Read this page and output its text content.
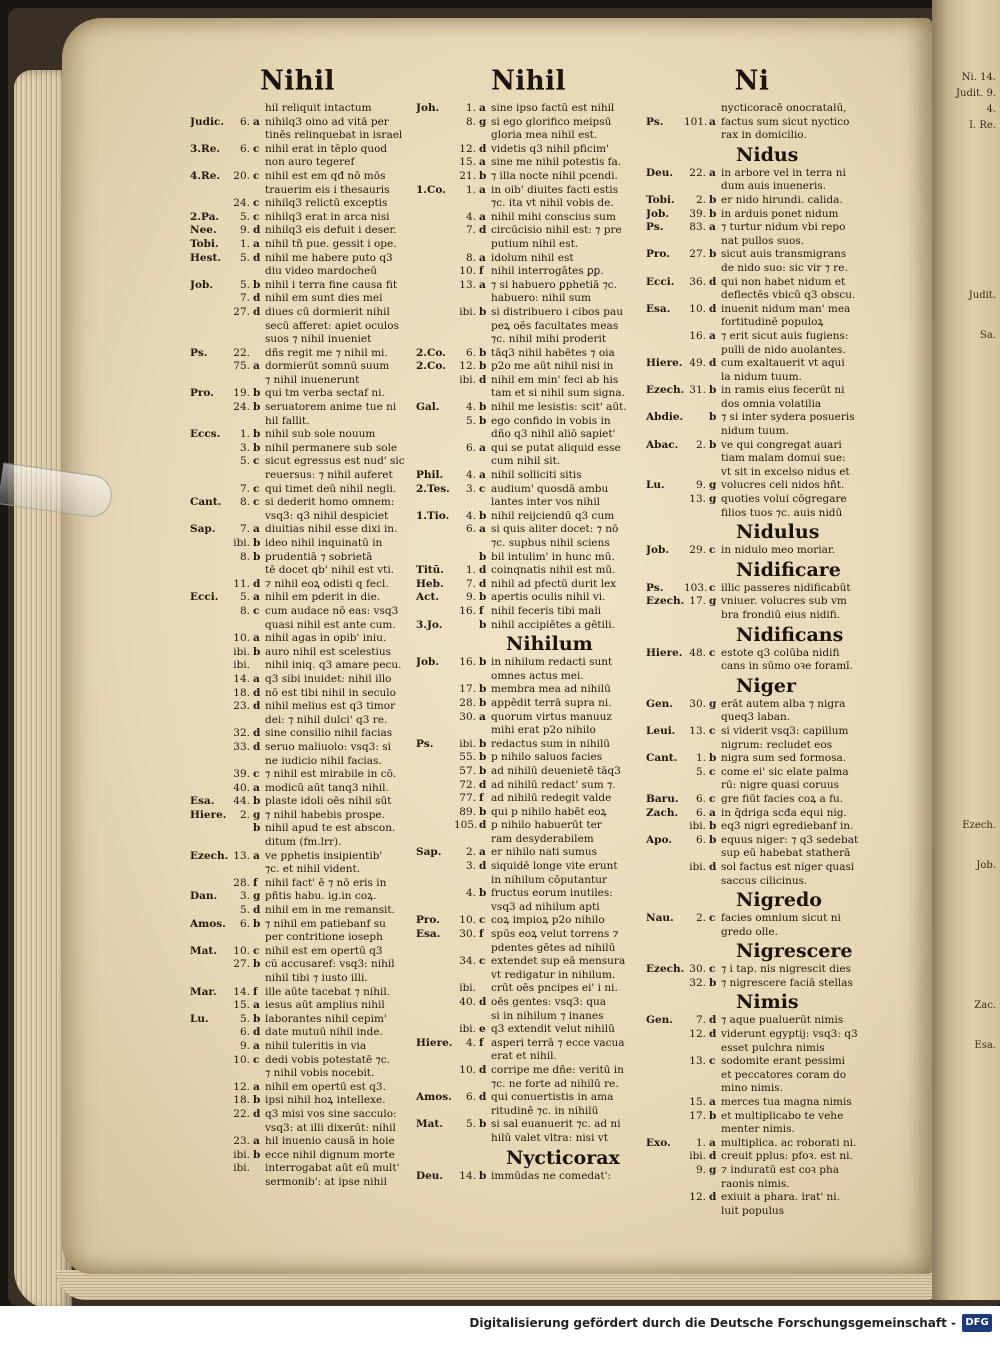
Ni. 14.
Judit. 9.
4.
I. Re.
Judit.
Sa.
Ezech.
Job.
Zac.
Esa.
Nihil
hil reliquit intactum
Judic.	6. a nihilq3 oino ad vitā per
tinēs relinquebat in israel
3.Re.	6. c nihil erat in tēplo quod
non auro tegeref
4.Re.	20. c nihil est em qđ nō mōs
trauerim eis i thesauris
24. c nihilq3 relictū exceptis
2.Pa.	5. c nihilq3 erat in arca nisi
Nee.	9. d nihilq3 eis defuit i deser.
Tobi.	1. a nihil tñ pue. gessit i ope.
Hest.	5. d nihil me habere puto q3
diu video mardocheū
Job.	5. b nihil i terra fine causa fit
7. d nihil em sunt dies mei
27. d diues cū dormierit nihil
secū afferet: apiet oculos
suos ⁊ nihil inueniet
Ps.	22. dñs regit me ⁊ nihil mi.
75. a dormierūt somnū suum
⁊ nihil inuenerunt
Pro.	19. b qui tm verba sectaf ni.
24. b seruatorem anime tue ni
hil fallit.
Eccs.	1. b nihil sub sole nouum
3. b nihil permanere sub sole
5. c sicut egressus est nud' sic
reuersus: ⁊ nihil auferet
7. c qui timet deū nihil negli.
Cant.	8. c si dederit homo omnem:
vsq3: q3 nihil despiciet
Sap.	7. a diuitias nihil esse dixi in.
ibi. b ideo nihil inquinatū in
8. b prudentiā ⁊ sobrietā
tē docet qb' nihil est vti.
11. d ⁊ nihil eoꝝ odisti q fecl.
Ecci.	5. a nihil em pderit in die.
8. c cum audace nō eas: vsq3
quasi nihil est ante cum.
10. a nihil agas in opib' iniu.
ibi. b auro nihil est scelestius
ibi. nihil iniq. q3 amare pecu.
14. a q3 sibi inuidet: nihil illo
18. d nō est tibi nihil in seculo
23. d nihil melius est q3 timor
dei: ⁊ nihil dulci' q3 re.
32. d sine consilio nihil facias
33. d seruo maliuolo: vsq3: si
ne iudicio nihil facias.
39. c ⁊ nihil est mirabile in cō.
40. a modicū aūt tanq3 nihil.
Esa.	44. b plaste idoli oēs nihil sūt
Hiere.	2. g ⁊ nihil habebis prospe.
b nihil apud te est abscon.
ditum (fm.lrr).
Ezech. 13. a ve pphetis insipientib'
⁊c. et nihil vident.
28. f nihil fact' ē ⁊ nō eris in
Dan.	3. g pñtis habu. ig.in coꝝ.
5. d nihil em in me remansit.
Amos.	6. b ⁊ nihil em patiebanf su
per contritione ioseph
Mat.	10. c nihil est em opertū q3
27. b cū accusaref: vsq3: nihil
nihil tibi ⁊ iusto illi.
Mar.	14. f ille aūte tacebat ⁊ nihil.
15. a iesus aūt amplius nihil
Lu.	5. b laborantes nihil cepim'
6. d date mutuū nihil inde.
9. a nihil tuleritis in via
10. c dedi vobis potestatē ⁊c.
⁊ nihil vobis nocebit.
12. a nihil em opertū est q3.
18. b ipsi nihil hoꝝ intellexe.
22. d q3 misi vos sine sacculo:
vsq3: at illi dixerūt: nihil
23. a hil inuenio causā in hoie
ibi. b ecce nihil dignum morte
ibi. interrogabat aūt eū mult'
sermonib': at ipse nihil
Nihil
Joh.	1. a sine ipso factū est nihil
8. g si ego glorifico meipsū
gloria mea nihil est.
12. d videtis q3 nihil pficim'
15. a sine me nihil potestis fa.
21. b ⁊ illa nocte nihil pcendi.
1.Co.	1. a in oib' diuites facti estis
⁊c. ita vt nihil vobis de.
4. a nihil mihi conscius sum
7. d circūcisio nihil est: ⁊ pre
putium nihil est.
8. a idolum nihil est
10. f nihil interrogātes ꝑꝑ.
13. a ⁊ si habuero ꝑphetiā ⁊c.
habuero: nihil sum
ibi. b si distribuero i cibos pau
peꝝ oēs facultates meas
⁊c. nihil mihi proderit
2.Co.	6. b tāq3 nihil habētes ⁊ oia
2.Co.	12. b p2o me aūt nihil nisi in
ibi. d nihil em min' feci ab his
tam et si nihil sum signa.
Gal.	4. b nihil me lesistis: scit' aūt.
5. b ego confido in vobis in
dño q3 nihil aliō sapiet'
6. a qui se putat aliquid esse
cum nihil sit.
Phil.	4. a nihil solliciti sitis
2.Tes.	3. c audium' quosdā ambu
lantes inter vos nihil
1.Tio.	4. b nihil reijciendū q3 cum
6. a si quis aliter docet: ⁊ nō
⁊c. supbus nihil sciens
b bil intulim' in hunc mū.
Titū.	1. d coinqnatis nihil est mū.
Heb.	7. d nihil ad pfectū durit lex
Act.	9. b apertis oculis nihil vi.
16. f nihil feceris tibi mali
3.Jo.	b nihil accipiētes a gētili.
Nihilum
Job.	16. b in nihilum redacti sunt
omnes actus mei.
17. b membra mea ad nihilū
28. b appēdit terrā supra ni.
30. a quorum virtus manuuz
mihi erat p2o nihilo
Ps.	ibi. b redactus sum in nihilū
55. b p nihilo saluos facies
57. b ad nihilū deuenietē tāq3
72. d ad nihilū redact' sum ⁊.
77. f ad nihilū redegit valde
89. b qui p nihilo habēt eoꝝ
105. d p nihilo habuerūt ter
ram desyderabilem
Sap.	2. a er nihilo nati sumus
3. d siquidē longe vite erunt
in nihilum cōputantur
4. b fructus eorum inutiles:
vsq3 ad nihilum apti
Pro.	10. c coꝝ impioꝝ p2o nihilo
Esa.	30. f spūs eoꝝ velut torrens ⁊
pdentes gētes ad nihilū
34. c extendet sup eā mensura
vt redigatur in nihilum.
ibi. crūt oēs pncipes ei' i ni.
40. d oēs gentes: vsq3: qua
si in nihilum ⁊ inanes
ibi. e q3 extendit velut nihilū
Hiere.	4. f asperi terrā ⁊ ecce vacua
erat et nihil.
10. d corripe me dñe: veritū in
⁊c. ne forte ad nihilū re.
Amos.	6. d qui conuertistis in ama
ritudinē ⁊c. in nihilū
Mat.	5. b si sal euanuerit ⁊c. ad ni
hilū valet vltra: nisi vt
Nycticorax
Deu.	14. b immūdas ne comedat':
Ni
nycticoracē onocratalū,
Ps.	101. a factus sum sicut nyctico
rax in domicilio.
Nidus
Deu.	22. a in arbore vel in terra ni
dum auis inueneris.
Tobi.	2. b er nido hirundi. calida.
Job.	39. b in arduis ponet nidum
Ps.	83. a ⁊ turtur nidum vbi repo
nat pullos suos.
Pro.	27. b sicut auis transmigrans
de nido suo: sic vir ⁊ re.
Ecci.	36. d qui non habet nidum et
deflectēs vbicū q3 obscu.
Esa.	10. d inuenit nidum man' mea
fortitudinē populoꝝ
16. a ⁊ erit sicut auis fugiens:
pulli de nido auolantes.
Hiere. 49. d cum exaltauerit vt aqui
la nidum tuum.
Ezech. 31. b in ramis eius fecerūt ni
dos omnia volatilia
Abdie. b ⁊ si inter sydera posueris
nidum tuum.
Abac.	2. b ve qui congregat auari
tiam malam domui sue:
vt sit in excelso nidus et
Lu.	9. g volucres celi nidos hñt.
13. g quoties volui cōgregare
filios tuos ⁊c. auis nidū
Nidulus
Job.	29. c in nidulo meo moriar.
Nidificare
Ps.	103. c illic passeres nidificabūt
Ezech. 17. g vniuer. volucres sub vm
bra frondiū eius nidifi.
Nidificans
Hiere. 48. c estote q3 colūba nidifi
cans in sūmo oꝛe foramī.
Niger
Gen.	30. g erāt autem alba ⁊ nigra
queq3 laban.
Leui.	13. c si viderit vsq3: capillum
nigrum: recludet eos
Cant.	1. b nigra sum sed formosa.
5. c come ei' sic elate palma
rū: nigre quasi coruus
Baru.	6. c gre fiūt facies coꝝ a fu.
Zach.	6. a in q̄driga scđa equi nig.
ibi. b eq3 nigri egrediebanf in.
Apo.	6. b equus niger: ⁊ q3 sedebat
sup eū habebat statherā
ibi. d sol factus est niger quasi
saccus cilicinus.
Nigredo
Nau.	2. c facies omnium sicut ni
gredo olle.
Nigrescere
Ezech. 30. c ⁊ i tap. nis nigrescit dies
32. b ⁊ nigrescere faciā stellas
Nimis
Gen.	7. d ⁊ aque pualuerūt nimis
12. d viderunt egyptij: vsq3: q3
esset pulchra nimis
13. c sodomite erant pessimi
et peccatores coram do
mino nimis.
15. a merces tua magna nimis
17. b et multiplicabo te vehe
menter nimis.
Exo.	1. a multiplica. ac roborati ni.
ibi. d creuit pplus: pfoꝛ. est ni.
9. g ⁊ induratū est coꝛ pha
raonis nimis.
12. d exiuit a phara. irat' ni.
luit populus
Digitalisierung gefördert durch die Deutsche Forschungsgemeinschaft - DFG
